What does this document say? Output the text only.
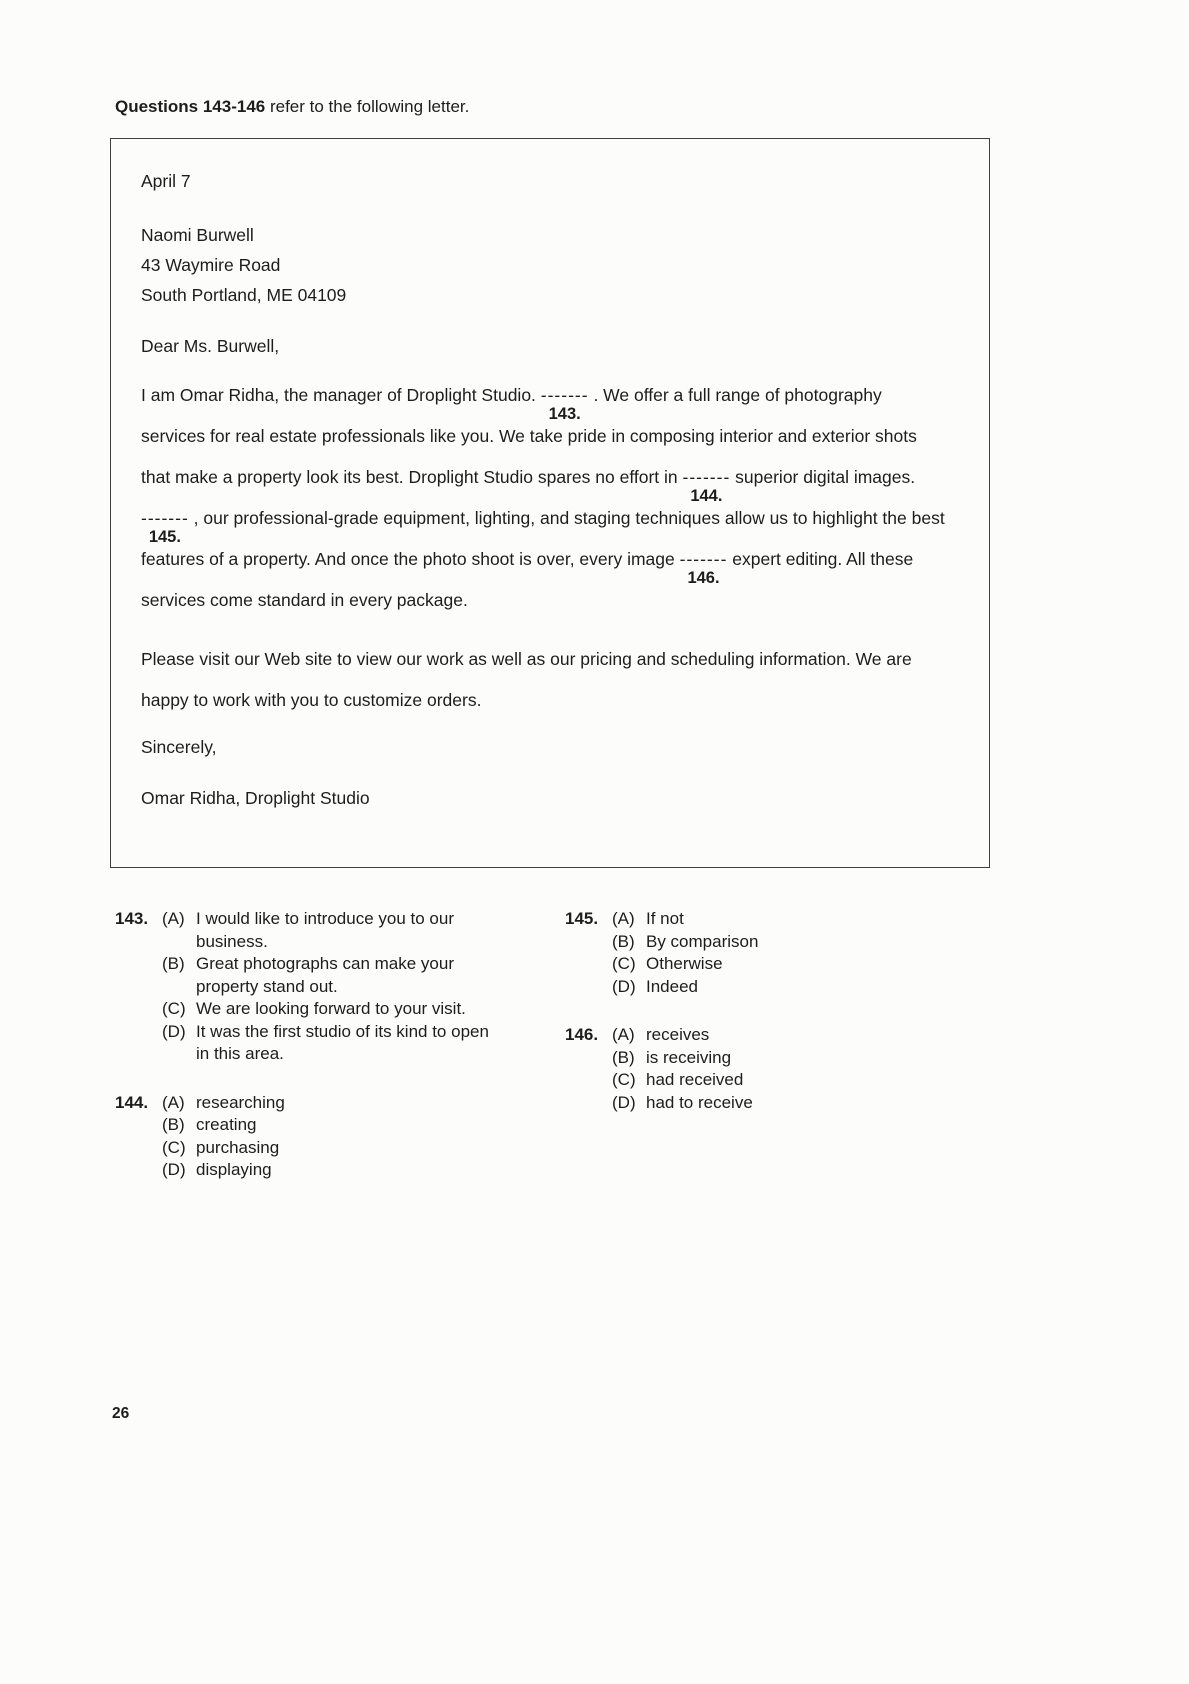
Questions 143-146 refer to the following letter.

April 7

Naomi Burwell

43 Waymire Road

South Portland, ME 04109

Dear Ms. Burwell,

I am Omar Ridha, the manager of Droplight Studio. -------
143.
. We offer a full range of photography services for real estate professionals like you. We take pride in composing interior and exterior shots that make a property look its best. Droplight Studio spares no effort in -------
144.
superior digital images. -------
145.
, our professional-grade equipment, lighting, and staging techniques allow us to highlight the best features of a property. And once the photo shoot is over, every image -------
146.
expert editing. All these services come standard in every package.

Please visit our Web site to view our work as well as our pricing and scheduling information. We are happy to work with you to customize orders.

Sincerely,

Omar Ridha, Droplight Studio

143. (A) I would like to introduce you to our business.
(B) Great photographs can make your property stand out.
(C) We are looking forward to your visit.
(D) It was the first studio of its kind to open in this area.
144. (A) researching
(B) creating
(C) purchasing
(D) displaying
145. (A) If not
(B) By comparison
(C) Otherwise
(D) Indeed
146. (A) receives
(B) is receiving
(C) had received
(D) had to receive
26
